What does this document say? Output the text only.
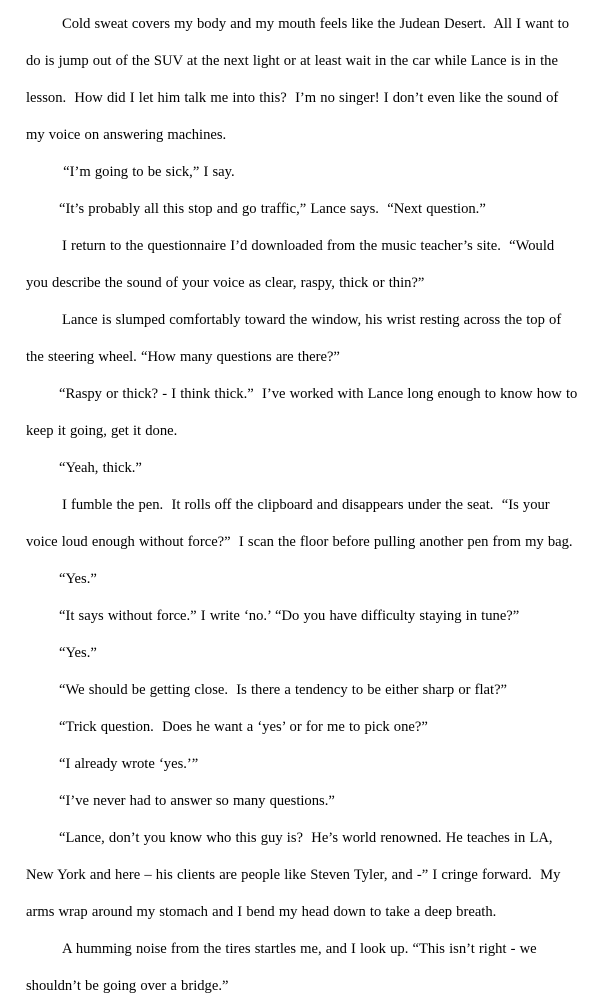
Cold sweat covers my body and my mouth feels like the Judean Desert.  All I want to do is jump out of the SUV at the next light or at least wait in the car while Lance is in the lesson.  How did I let him talk me into this?  I’m no singer! I don’t even like the sound of my voice on answering machines.

“I’m going to be sick,” I say.

“It’s probably all this stop and go traffic,” Lance says.  “Next question.”

I return to the questionnaire I’d downloaded from the music teacher’s site.  “Would you describe the sound of your voice as clear, raspy, thick or thin?”

Lance is slumped comfortably toward the window, his wrist resting across the top of the steering wheel. “How many questions are there?”

“Raspy or thick? - I think thick.”  I’ve worked with Lance long enough to know how to keep it going, get it done.

“Yeah, thick.”

I fumble the pen.  It rolls off the clipboard and disappears under the seat.  “Is your voice loud enough without force?”  I scan the floor before pulling another pen from my bag.

“Yes.”

“It says without force.” I write ‘no.’ “Do you have difficulty staying in tune?”

“Yes.”

“We should be getting close.  Is there a tendency to be either sharp or flat?”

“Trick question.  Does he want a ‘yes’ or for me to pick one?”

“I already wrote ‘yes.’”

“I’ve never had to answer so many questions.”

“Lance, don’t you know who this guy is?  He’s world renowned. He teaches in LA, New York and here – his clients are people like Steven Tyler, and -” I cringe forward.  My arms wrap around my stomach and I bend my head down to take a deep breath.

A humming noise from the tires startles me, and I look up. “This isn’t right - we shouldn’t be going over a bridge.”
